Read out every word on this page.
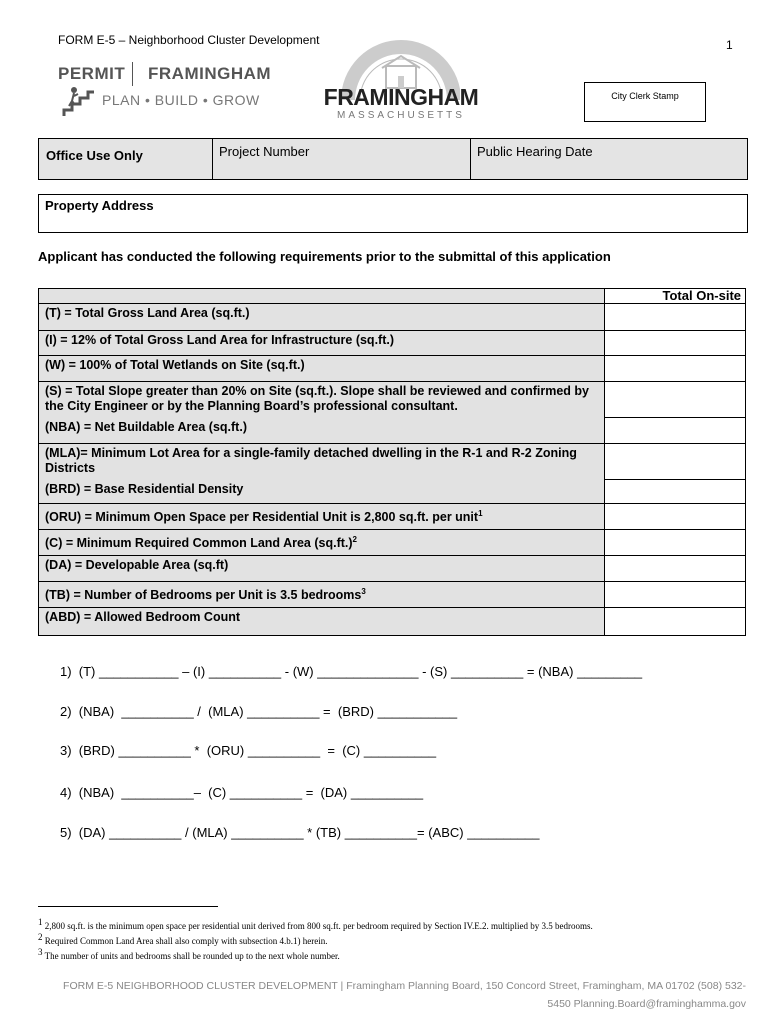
FORM E-5 – Neighborhood Cluster Development	1
PERMIT FRAMINGHAM
PLAN • BUILD • GROW	FRAMINGHAM
MASSACHUSETTS
City Clerk Stamp
Office Use Only	Project Number	Public Hearing Date
Property Address
Applicant has conducted the following requirements prior to the submittal of this application
	Total On-site
(T) = Total Gross Land Area (sq.ft.)	
(I) = 12% of Total Gross Land Area for Infrastructure (sq.ft.)	
(W) = 100% of Total Wetlands on Site (sq.ft.)	
(S) = Total Slope greater than 20% on Site (sq.ft.). Slope shall be reviewed and confirmed by the City Engineer or by the Planning Board’s professional consultant.	
(NBA) = Net Buildable Area (sq.ft.)	
(MLA)= Minimum Lot Area for a single-family detached dwelling in the R-1 and R-2 Zoning Districts	
(BRD) = Base Residential Density	
(ORU) = Minimum Open Space per Residential Unit is 2,800 sq.ft. per unit$^1$	
(C) = Minimum Required Common Land Area $(sq.ft.)^2$	
(DA) = Developable Area (sq.ft)	
(TB) = Number of Bedrooms per Unit is 3.5 bedrooms$^3$	
(ABD) = Allowed Bedroom Count	
1)  (T) ___________ – (I) __________ - (W) ______________ - (S) __________ = (NBA) _________
2)  (NBA)  __________ /  (MLA) __________ =  (BRD) ___________
3)  (BRD) __________ *  (ORU) __________  =  (C) __________
4)  (NBA)  __________–  (C) __________ =  (DA) __________
5)  (DA) __________ / (MLA) __________ * (TB) __________= (ABC) __________
$^1$ 2,800 sq.ft. is the minimum open space per residential unit derived from 800 sq.ft. per bedroom required by Section IV.E.2. multiplied by 3.5 bedrooms.
$^2$ Required Common Land Area shall also comply with subsection 4.b.1) herein.
$^3$ The number of units and bedrooms shall be rounded up to the next whole number.
FORM E-5 NEIGHBORHOOD CLUSTER DEVELOPMENT | Framingham Planning Board, 150 Concord Street, Framingham, MA 01702 (508) 532-
5450 Planning.Board@framinghamma.gov
